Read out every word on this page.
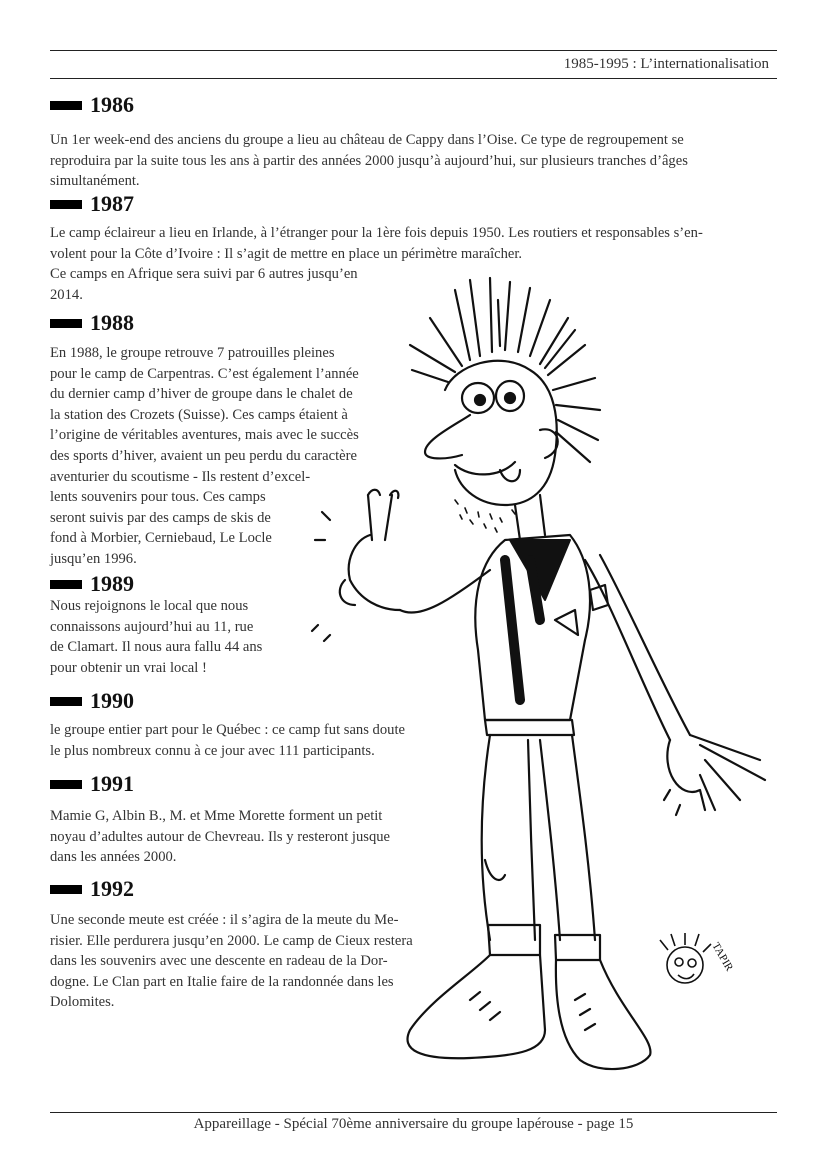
1985-1995 : L’internationalisation
TAPIR
1986

Un 1er week-end des anciens du groupe a lieu au château de Cappy dans l’Oise. Ce type de regroupement se
reproduira par la suite tous les ans à partir des années 2000 jusqu’à aujourd’hui, sur plusieurs tranches d’âges
simultanément.

1987

Le camp éclaireur a lieu en Irlande, à l’étranger pour la 1ère fois depuis 1950. Les routiers et responsables s’en-
volent pour la Côte d’Ivoire : Il s’agit de mettre en place un périmètre maraîcher.
Ce camps en Afrique sera suivi par 6 autres jusqu’en
2014.

1988

En 1988, le groupe retrouve 7 patrouilles pleines
pour le camp de Carpentras. C’est également l’année
du dernier camp d’hiver de groupe dans le chalet de
la station des Crozets (Suisse). Ces camps étaient à
l’origine de véritables aventures, mais avec le succès
des sports d’hiver, avaient un peu perdu du caractère
aventurier du scoutisme - Ils restent d’excel-
lents souvenirs pour tous. Ces camps
seront suivis par des camps de skis de
fond à Morbier, Cerniebaud, Le Locle
jusqu’en 1996.

1989

Nous rejoignons le local que nous
connaissons aujourd’hui au 11, rue
de Clamart. Il nous aura fallu 44 ans
pour obtenir un vrai local !

1990

le groupe entier part pour le Québec : ce camp fut sans doute
le plus nombreux connu à ce jour avec 111 participants.

1991

Mamie G, Albin B., M. et Mme Morette forment un petit
noyau d’adultes autour de Chevreau. Ils y resteront jusque
dans les années 2000.

1992

Une seconde meute est créée : il s’agira de la meute du Me-
risier. Elle perdurera jusqu’en 2000. Le camp de Cieux restera
dans les souvenirs avec une descente en radeau de la Dor-
dogne. Le Clan part en Italie faire de la randonnée dans les
Dolomites.

Appareillage - Spécial 70ème anniversaire du groupe lapérouse - page 15
